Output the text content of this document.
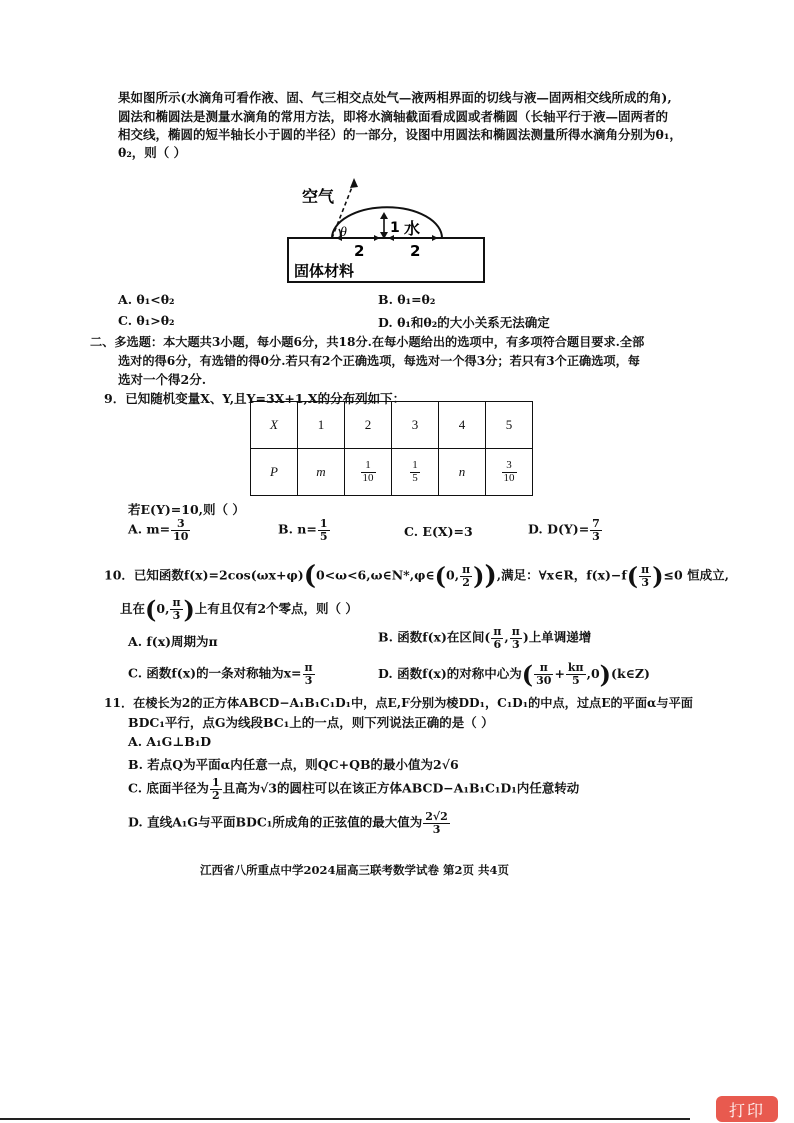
果如图所示(水滴角可看作液、固、气三相交点处气—液两相界面的切线与液—固两相交线所成的角),
圆法和椭圆法是测量水滴角的常用方法，即将水滴轴截面看成圆或者椭圆（长轴平行于液—固两者的
相交线，椭圆的短半轴长小于圆的半径）的一部分，设图中用圆法和椭圆法测量所得水滴角分别为θ₁，
θ₂，则（ ）
空气
θ	1 水
2	2
固体材料
A. θ₁<θ₂	B. θ₁=θ₂
C. θ₁>θ₂	D. θ₁和θ₂的大小关系无法确定
二、多选题：本大题共3小题，每小题6分，共18分.在每小题给出的选项中，有多项符合题目要求.全部
选对的得6分，有选错的得0分.若只有2个正确选项，每选对一个得3分；若只有3个正确选项，每
选对一个得2分.
9．已知随机变量X、Y,且Y=3X+1,X的分布列如下：
X	1	2	3	4	5
P	m	$\frac{1}{10}$	$\frac{1}{5}$	n	$\frac{3}{10}$
若E(Y)=10,则（ ）
A. $m= \frac{3}{10}$	B. $n= \frac{1}{5}$	C. E(X)=3	D. $D(Y)= \frac{7}{3}$
10．已知函数f(x)=2cos(ωx+φ)(0<ω<6,ω∈N*,φ∈(0, $\frac{\pi}{2}$ )),满足：∀x∈R，$f(x)-f( \frac{\pi}{3} )\le 0$ 恒成立,
且在(0, $\frac{\pi}{3}$ )上有且仅有2个零点，则（ ）
A. f(x)周期为π	B. 函数f(x)在区间( $\frac{\pi}{6}$ , $\frac{\pi}{3}$ )上单调递增
C. 函数f(x)的一条对称轴为$x= \frac{\pi}{3}$	D. 函数f(x)的对称中心为( $\frac{\pi}{30} + \frac{k\pi}{5}$ ,0)(k∈Z)
11．在棱长为2的正方体ABCD−A₁B₁C₁D₁中，点E,F分别为棱DD₁，C₁D₁的中点，过点E的平面α与平面
BDC₁平行，点G为线段BC₁上的一点，则下列说法正确的是（ ）
A. A₁G⊥B₁D
B. 若点Q为平面α内任意一点，则QC+QB的最小值为2√6
C. 底面半径为 $\frac{1}{2}$ 且高为√3的圆柱可以在该正方体ABCD−A₁B₁C₁D₁内任意转动
D. 直线A₁G与平面BDC₁所成角的正弦值的最大值为 $\frac{2√2}{3}$
江西省八所重点中学2024届高三联考数学试卷 第2页 共4页
打印
